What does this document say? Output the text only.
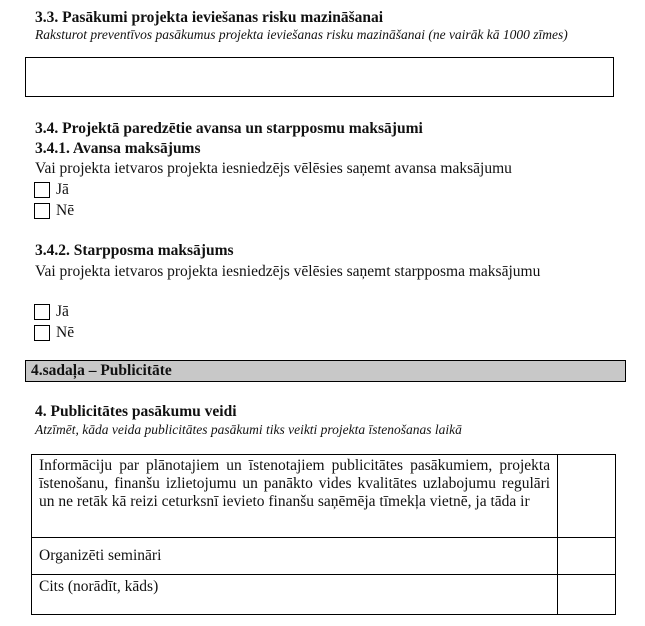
3.3. Pasākumi projekta ieviešanas risku mazināšanai
Raksturot preventīvos pasākumus projekta ieviešanas risku mazināšanai (ne vairāk kā 1000 zīmes)
3.4. Projektā paredzētie avansa un starpposmu maksājumi
3.4.1. Avansa maksājums
Vai projekta ietvaros projekta iesniedzējs vēlēsies saņemt avansa maksājumu
Jā
Nē
3.4.2. Starpposma maksājums
Vai projekta ietvaros projekta iesniedzējs vēlēsies saņemt starpposma maksājumu
Jā
Nē
4.sadaļa – Publicitāte
4. Publicitātes pasākumu veidi
Atzīmēt, kāda veida publicitātes pasākumi tiks veikti projekta īstenošanas laikā
Informāciju par plānotajiem un īstenotajiem publicitātes pasākumiem, projekta īstenošanu, finanšu izlietojumu un panākto vides kvalitātes uzlabojumu regulāri un ne retāk kā reizi ceturksnī ievieto finanšu saņēmēja tīmekļa vietnē, ja tāda ir	
Organizēti semināri	
Cits (norādīt, kāds)	
